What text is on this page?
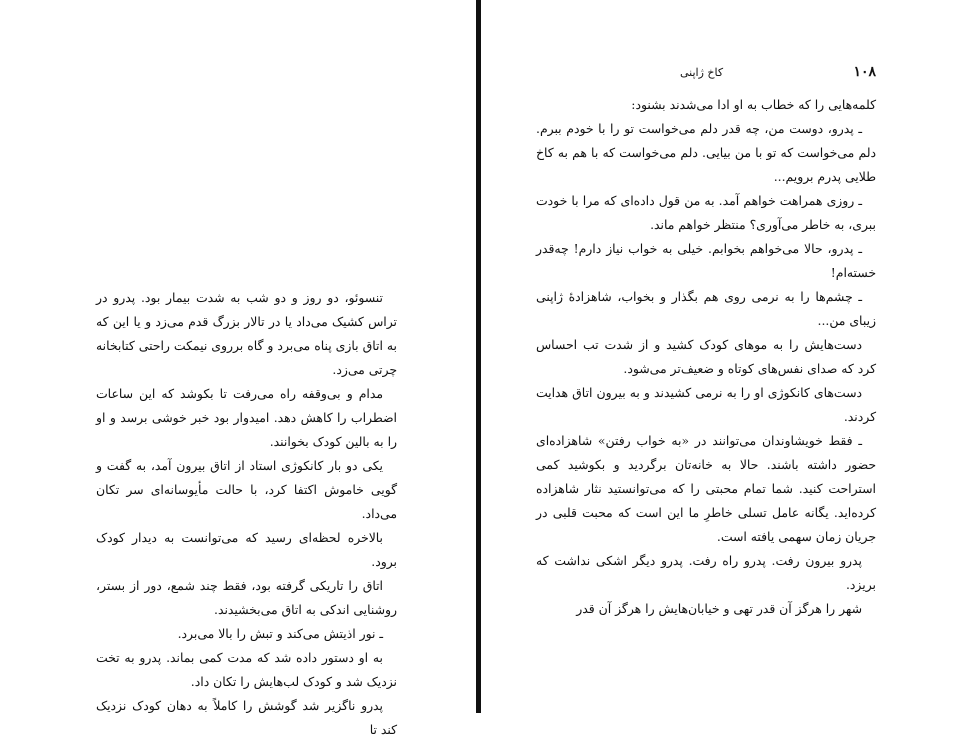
۱۰۸
کاخ ژاپنی

تنسوئو، دو روز و دو شب به شدت بیمار بود. پدرو در تراس کشیک می‌داد یا در تالار بزرگ قدم می‌زد و یا این که به اتاق بازی پناه می‌برد و گاه برروی نیمکت راحتی کتابخانه چرتی می‌زد.

مدام و بی‌وقفه راه می‌رفت تا بکوشد که این ساعات اضطراب را کاهش دهد. امیدوار بود خبر خوشی برسد و او را به بالین کودک بخوانند.

یکی دو بار کانکوژی استاد از اتاق بیرون آمد، به گفت و گویی خاموش اکتفا کرد، با حالت مأیوسانه‌ای سر تکان می‌داد.

بالاخره لحظه‌ای رسید که می‌توانست به دیدار کودک برود.

اتاق را تاریکی گرفته بود، فقط چند شمع، دور از بستر، روشنایی اندکی به اتاق می‌بخشیدند.

ـ نور اذیتش می‌کند و تبش را بالا می‌برد.

به او دستور داده شد که مدت کمی بماند. پدرو به تخت نزدیک شد و کودک لب‌هایش را تکان داد.

پدرو ناگزیر شد گوشش را کاملاً به دهان کودک نزدیک کند تا

کلمه‌هایی را که خطاب به او ادا می‌شدند بشنود:

ـ پدرو، دوست من، چه قدر دلم می‌خواست تو را با خودم ببرم. دلم می‌خواست که تو با من بیایی. دلم می‌خواست که با هم به کاخ طلایی پدرم برویم...

ـ روزی همراهت خواهم آمد. به من قول داده‌ای که مرا با خودت ببری، به خاطر می‌آوری؟ منتظر خواهم ماند.

ـ پدرو، حالا می‌خواهم بخوابم. خیلی به خواب نیاز دارم! چه‌قدر خسته‌ام!

ـ چشم‌ها را به نرمی روی هم بگذار و بخواب، شاهزادهٔ ژاپنی زیبای من...

دست‌هایش را به موهای کودک کشید و از شدت تب احساس کرد که صدای نفس‌های کوتاه و ضعیف‌تر می‌شود.

دست‌های کانکوژی او را به نرمی کشیدند و به بیرون اتاق هدایت کردند.

ـ فقط خویشاوندان می‌توانند در «به خواب رفتن» شاهزاده‌ای حضور داشته باشند. حالا به خانه‌تان برگردید و بکوشید کمی استراحت کنید. شما تمام محبتی را که می‌توانستید نثار شاهزاده کرده‌اید. یگانه عامل تسلی خاطرِ ما این است که محبت قلبی در جریان زمان سهمی یافته است.

پدرو بیرون رفت. پدرو راه رفت. پدرو دیگر اشکی نداشت که بریزد.

شهر را هرگز آن قدر تهی و خیابان‌هایش را هرگز آن قدر
